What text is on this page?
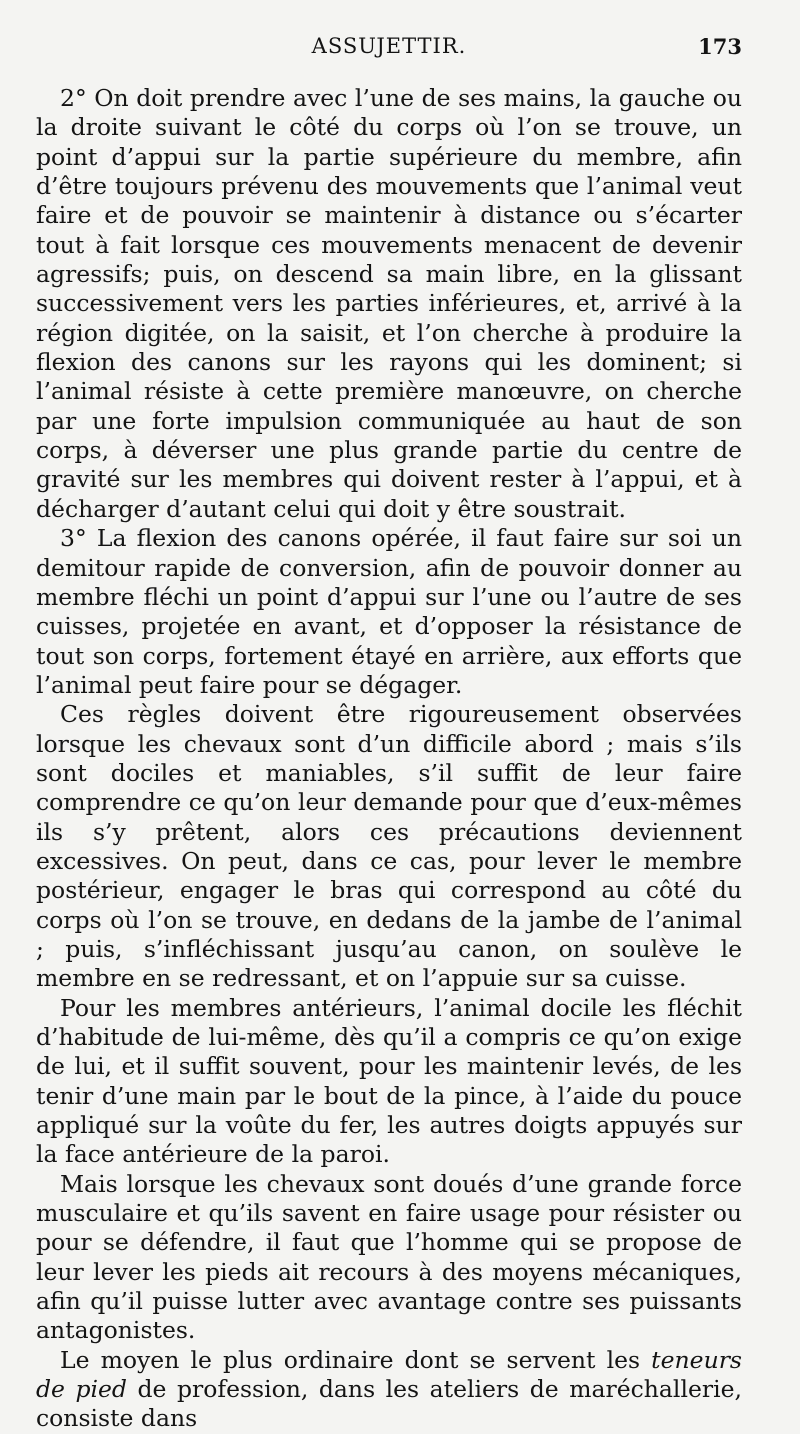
ASSUJETTIR.	173

2° On doit prendre avec l’une de ses mains, la gauche ou la droite suivant le côté du corps où l’on se trouve, un point d’appui sur la partie supérieure du membre, afin d’être toujours prévenu des mouvements que l’animal veut faire et de pouvoir se maintenir à distance ou s’écarter tout à fait lorsque ces mouvements menacent de devenir agressifs; puis, on descend sa main libre, en la glissant successivement vers les parties inférieures, et, arrivé à la région digitée, on la saisit, et l’on cherche à produire la flexion des canons sur les rayons qui les dominent; si l’animal résiste à cette première manœuvre, on cherche par une forte impulsion communiquée au haut de son corps, à déverser une plus grande partie du centre de gravité sur les membres qui doivent rester à l’appui, et à décharger d’autant celui qui doit y être soustrait.

3° La flexion des canons opérée, il faut faire sur soi un demitour rapide de conversion, afin de pouvoir donner au membre fléchi un point d’appui sur l’une ou l’autre de ses cuisses, projetée en avant, et d’opposer la résistance de tout son corps, fortement étayé en arrière, aux efforts que l’animal peut faire pour se dégager.

Ces règles doivent être rigoureusement observées lorsque les chevaux sont d’un difficile abord ; mais s’ils sont dociles et maniables, s’il suffit de leur faire comprendre ce qu’on leur demande pour que d’eux-mêmes ils s’y prêtent, alors ces précautions deviennent excessives. On peut, dans ce cas, pour lever le membre postérieur, engager le bras qui correspond au côté du corps où l’on se trouve, en dedans de la jambe de l’animal ; puis, s’infléchissant jusqu’au canon, on soulève le membre en se redressant, et on l’appuie sur sa cuisse.

Pour les membres antérieurs, l’animal docile les fléchit d’habitude de lui-même, dès qu’il a compris ce qu’on exige de lui, et il suffit souvent, pour les maintenir levés, de les tenir d’une main par le bout de la pince, à l’aide du pouce appliqué sur la voûte du fer, les autres doigts appuyés sur la face antérieure de la paroi.

Mais lorsque les chevaux sont doués d’une grande force musculaire et qu’ils savent en faire usage pour résister ou pour se défendre, il faut que l’homme qui se propose de leur lever les pieds ait recours à des moyens mécaniques, afin qu’il puisse lutter avec avantage contre ses puissants antagonistes.

Le moyen le plus ordinaire dont se servent les teneurs de pied de profession, dans les ateliers de maréchallerie, consiste dans
